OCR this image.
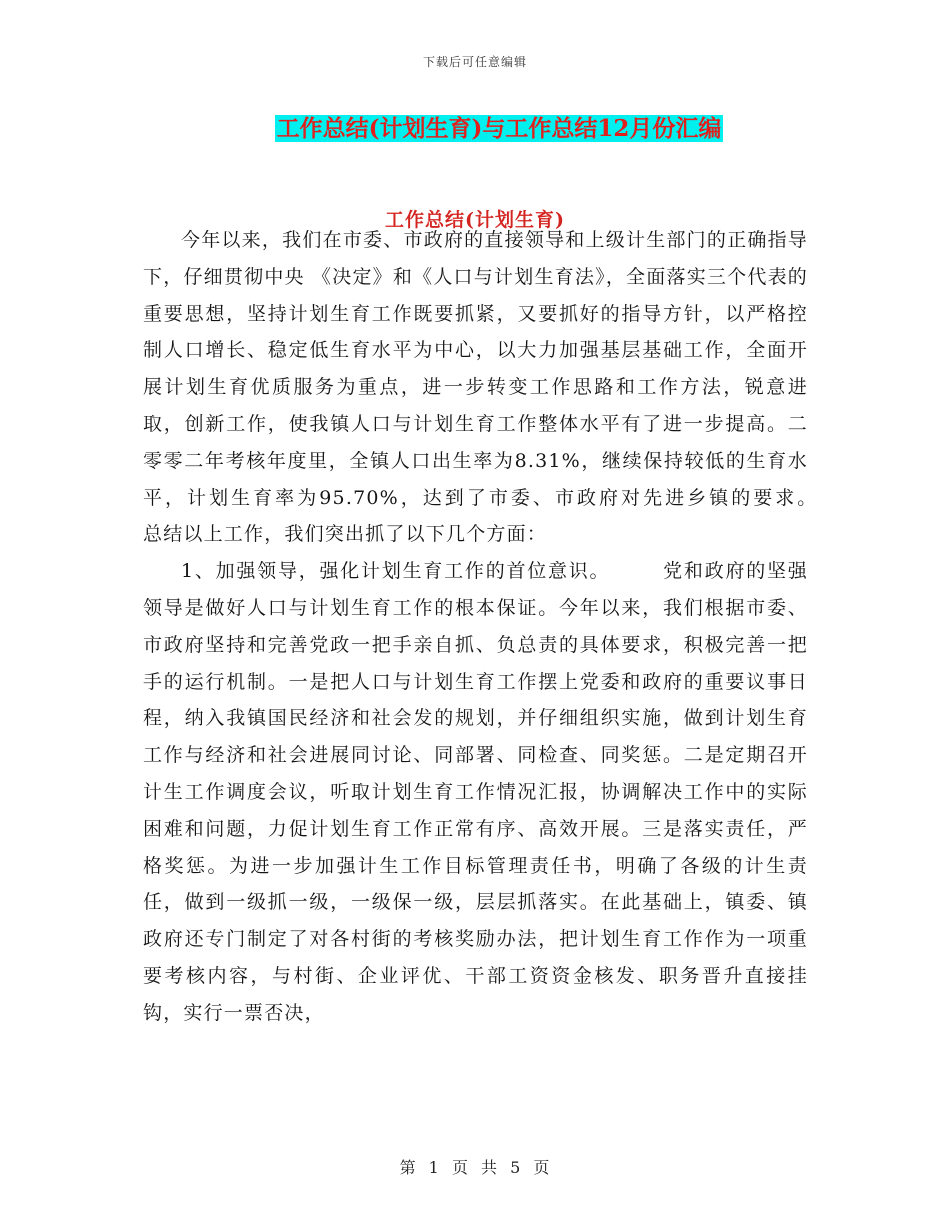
下载后可任意编辑
工作总结(计划生育)与工作总结12月份汇编
工作总结(计划生育)

今年以来，我们在市委、市政府的直接领导和上级计生部门的正确指导下，仔细贯彻中央 《决定》和《人口与计划生育法》，全面落实三个代表的重要思想，坚持计划生育工作既要抓紧，又要抓好的指导方针，以严格控制人口增长、稳定低生育水平为中心，以大力加强基层基础工作，全面开展计划生育优质服务为重点，进一步转变工作思路和工作方法，锐意进取，创新工作，使我镇人口与计划生育工作整体水平有了进一步提高。二零零二年考核年度里，全镇人口出生率为8.31%，继续保持较低的生育水平，计划生育率为95.70%，达到了市委、市政府对先进乡镇的要求。　　　总结以上工作，我们突出抓了以下几个方面：

1、加强领导，强化计划生育工作的首位意识。　　　党和政府的坚强领导是做好人口与计划生育工作的根本保证。今年以来，我们根据市委、市政府坚持和完善党政一把手亲自抓、负总责的具体要求，积极完善一把手的运行机制。一是把人口与计划生育工作摆上党委和政府的重要议事日程，纳入我镇国民经济和社会发的规划，并仔细组织实施，做到计划生育工作与经济和社会进展同讨论、同部署、同检查、同奖惩。二是定期召开计生工作调度会议，听取计划生育工作情况汇报，协调解决工作中的实际困难和问题，力促计划生育工作正常有序、高效开展。三是落实责任，严格奖惩。为进一步加强计生工作目标管理责任书，明确了各级的计生责任，做到一级抓一级，一级保一级，层层抓落实。在此基础上，镇委、镇政府还专门制定了对各村街的考核奖励办法，把计划生育工作作为一项重要考核内容，与村街、企业评优、干部工资资金核发、职务晋升直接挂钩，实行一票否决，

第 1 页 共 5 页
